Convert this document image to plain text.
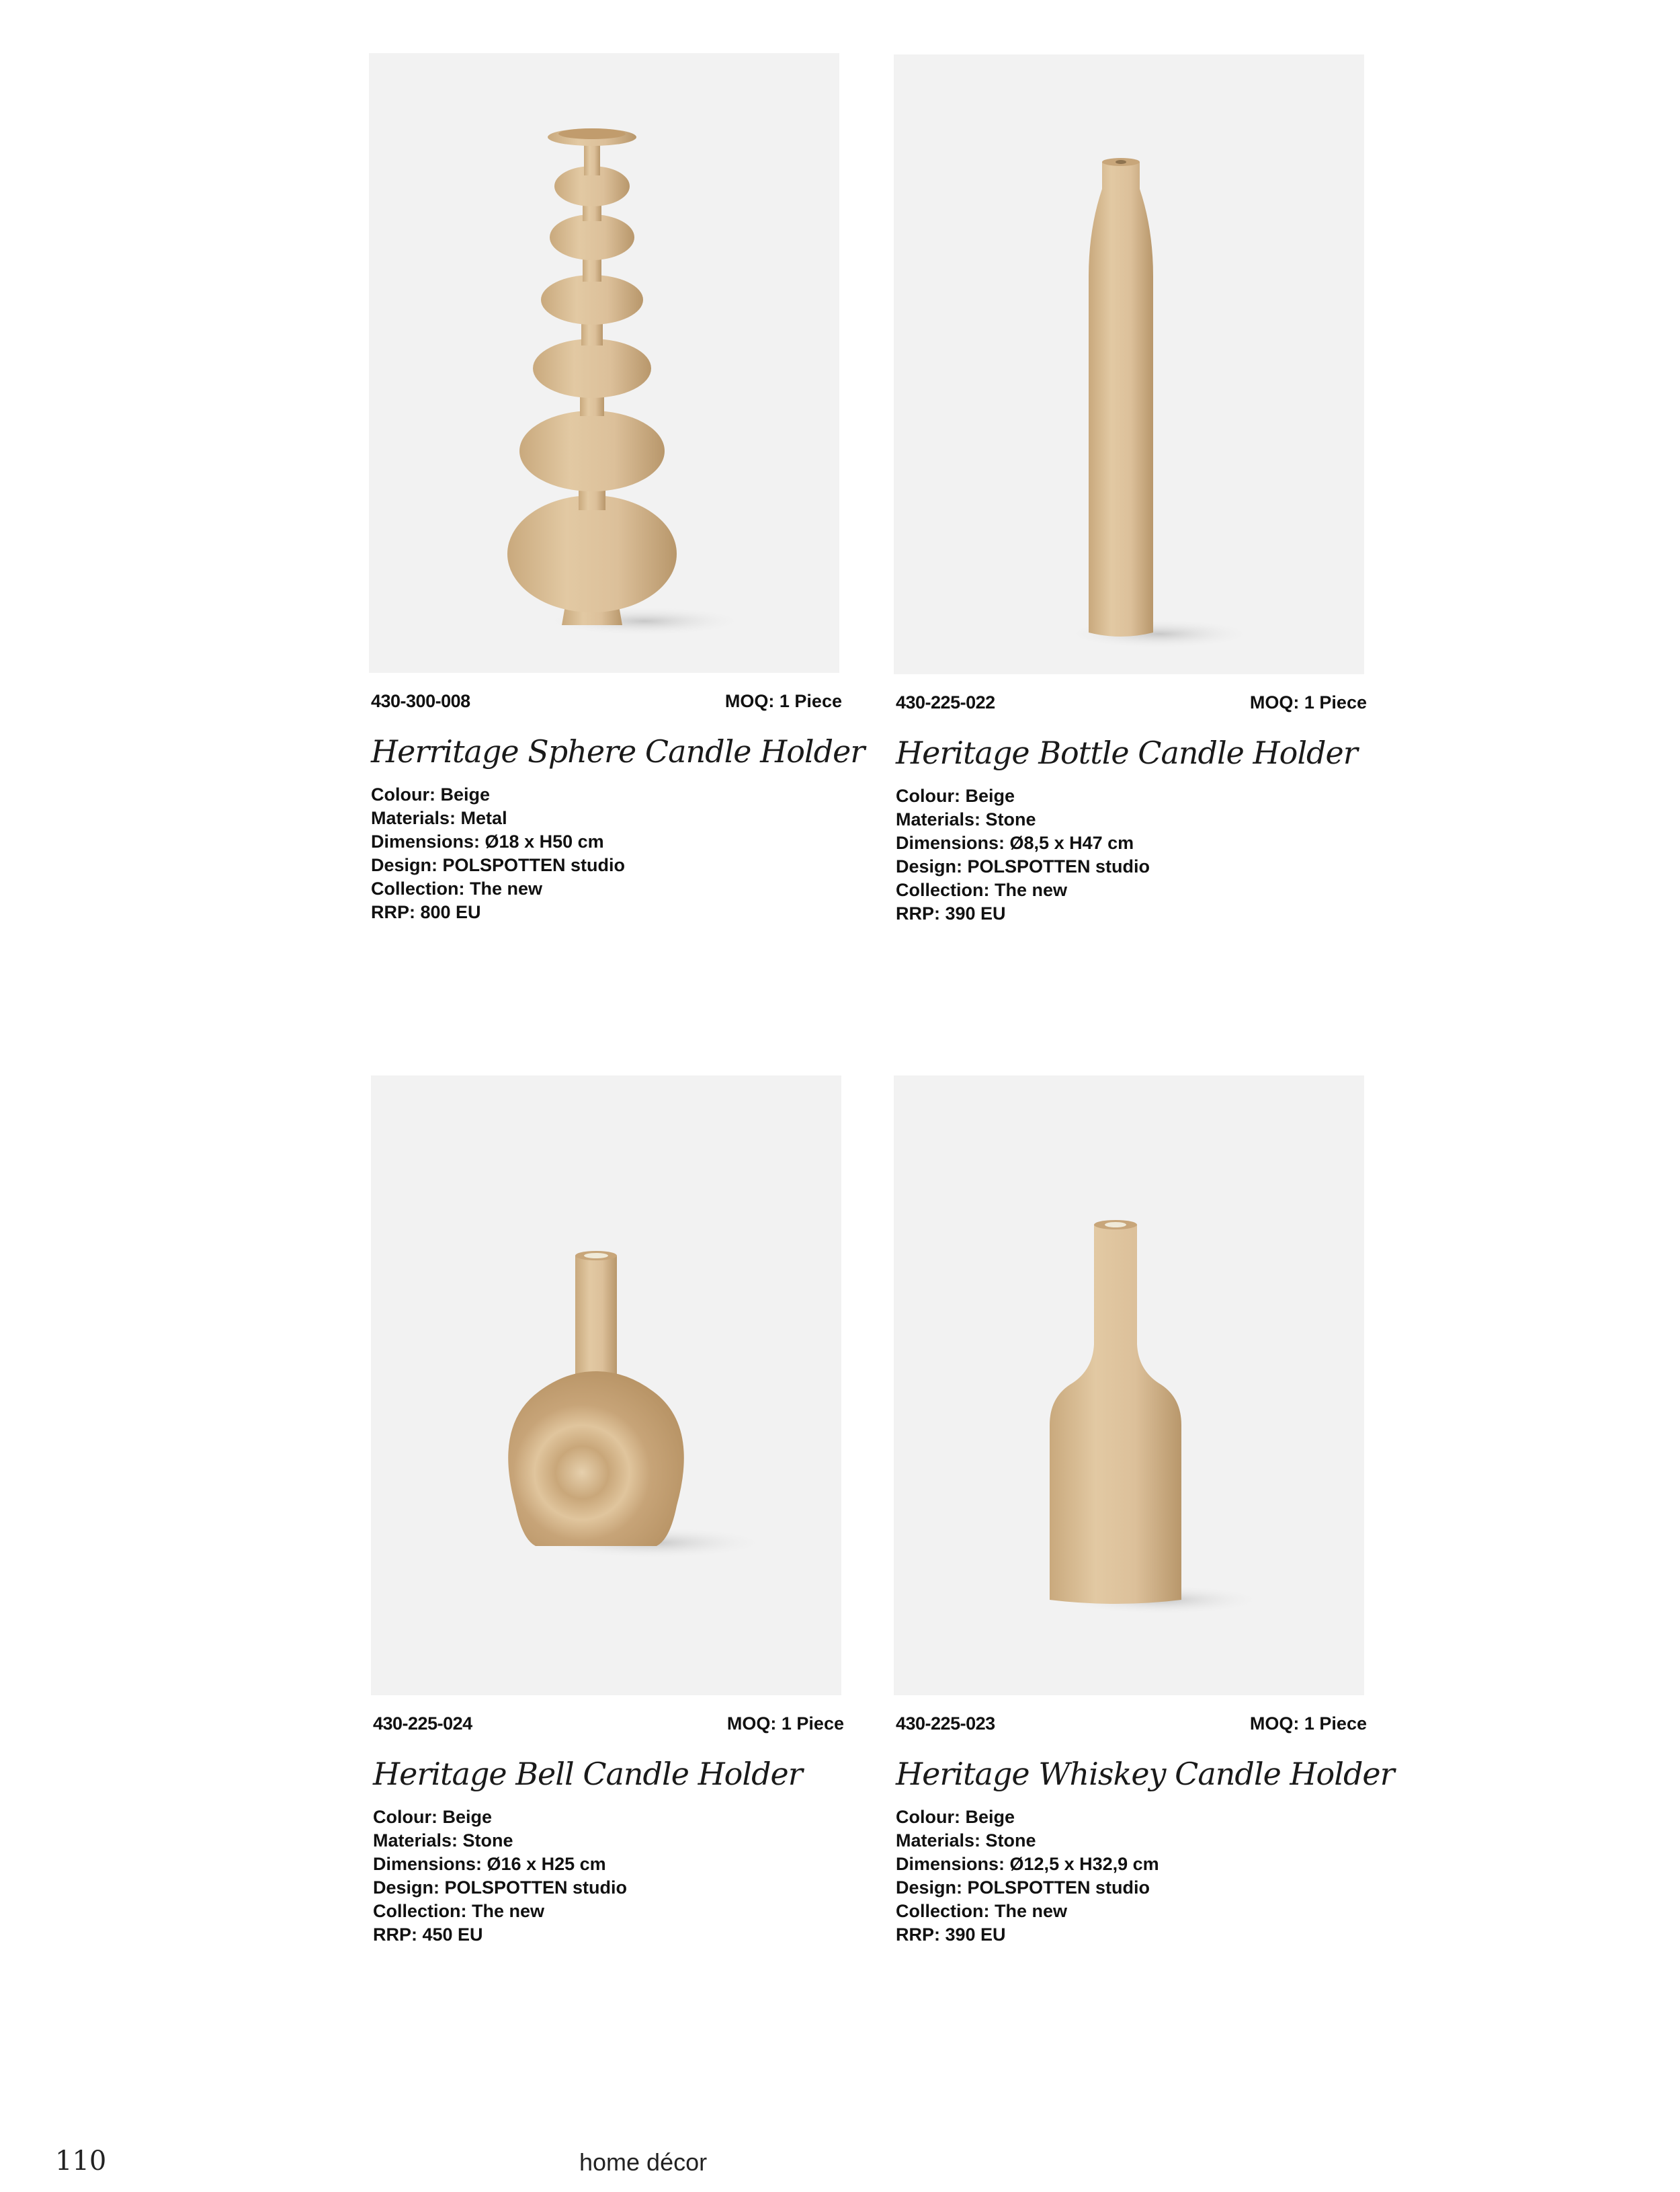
430-300-008	MOQ: 1 Piece
Herritage Sphere Candle Holder
Colour: Beige
Materials: Metal
Dimensions: Ø18 x H50 cm
Design: POLSPOTTEN studio
Collection: The new
RRP: 800 EU
430-225-022	MOQ: 1 Piece
Heritage Bottle Candle Holder
Colour: Beige
Materials: Stone
Dimensions: Ø8,5 x H47 cm
Design: POLSPOTTEN studio
Collection: The new
RRP: 390 EU
430-225-024	MOQ: 1 Piece
Heritage Bell Candle Holder
Colour: Beige
Materials: Stone
Dimensions: Ø16 x H25 cm
Design: POLSPOTTEN studio
Collection: The new
RRP: 450 EU
430-225-023	MOQ: 1 Piece
Heritage Whiskey Candle Holder
Colour: Beige
Materials: Stone
Dimensions: Ø12,5 x H32,9 cm
Design: POLSPOTTEN studio
Collection: The new
RRP: 390 EU
110	home décor
